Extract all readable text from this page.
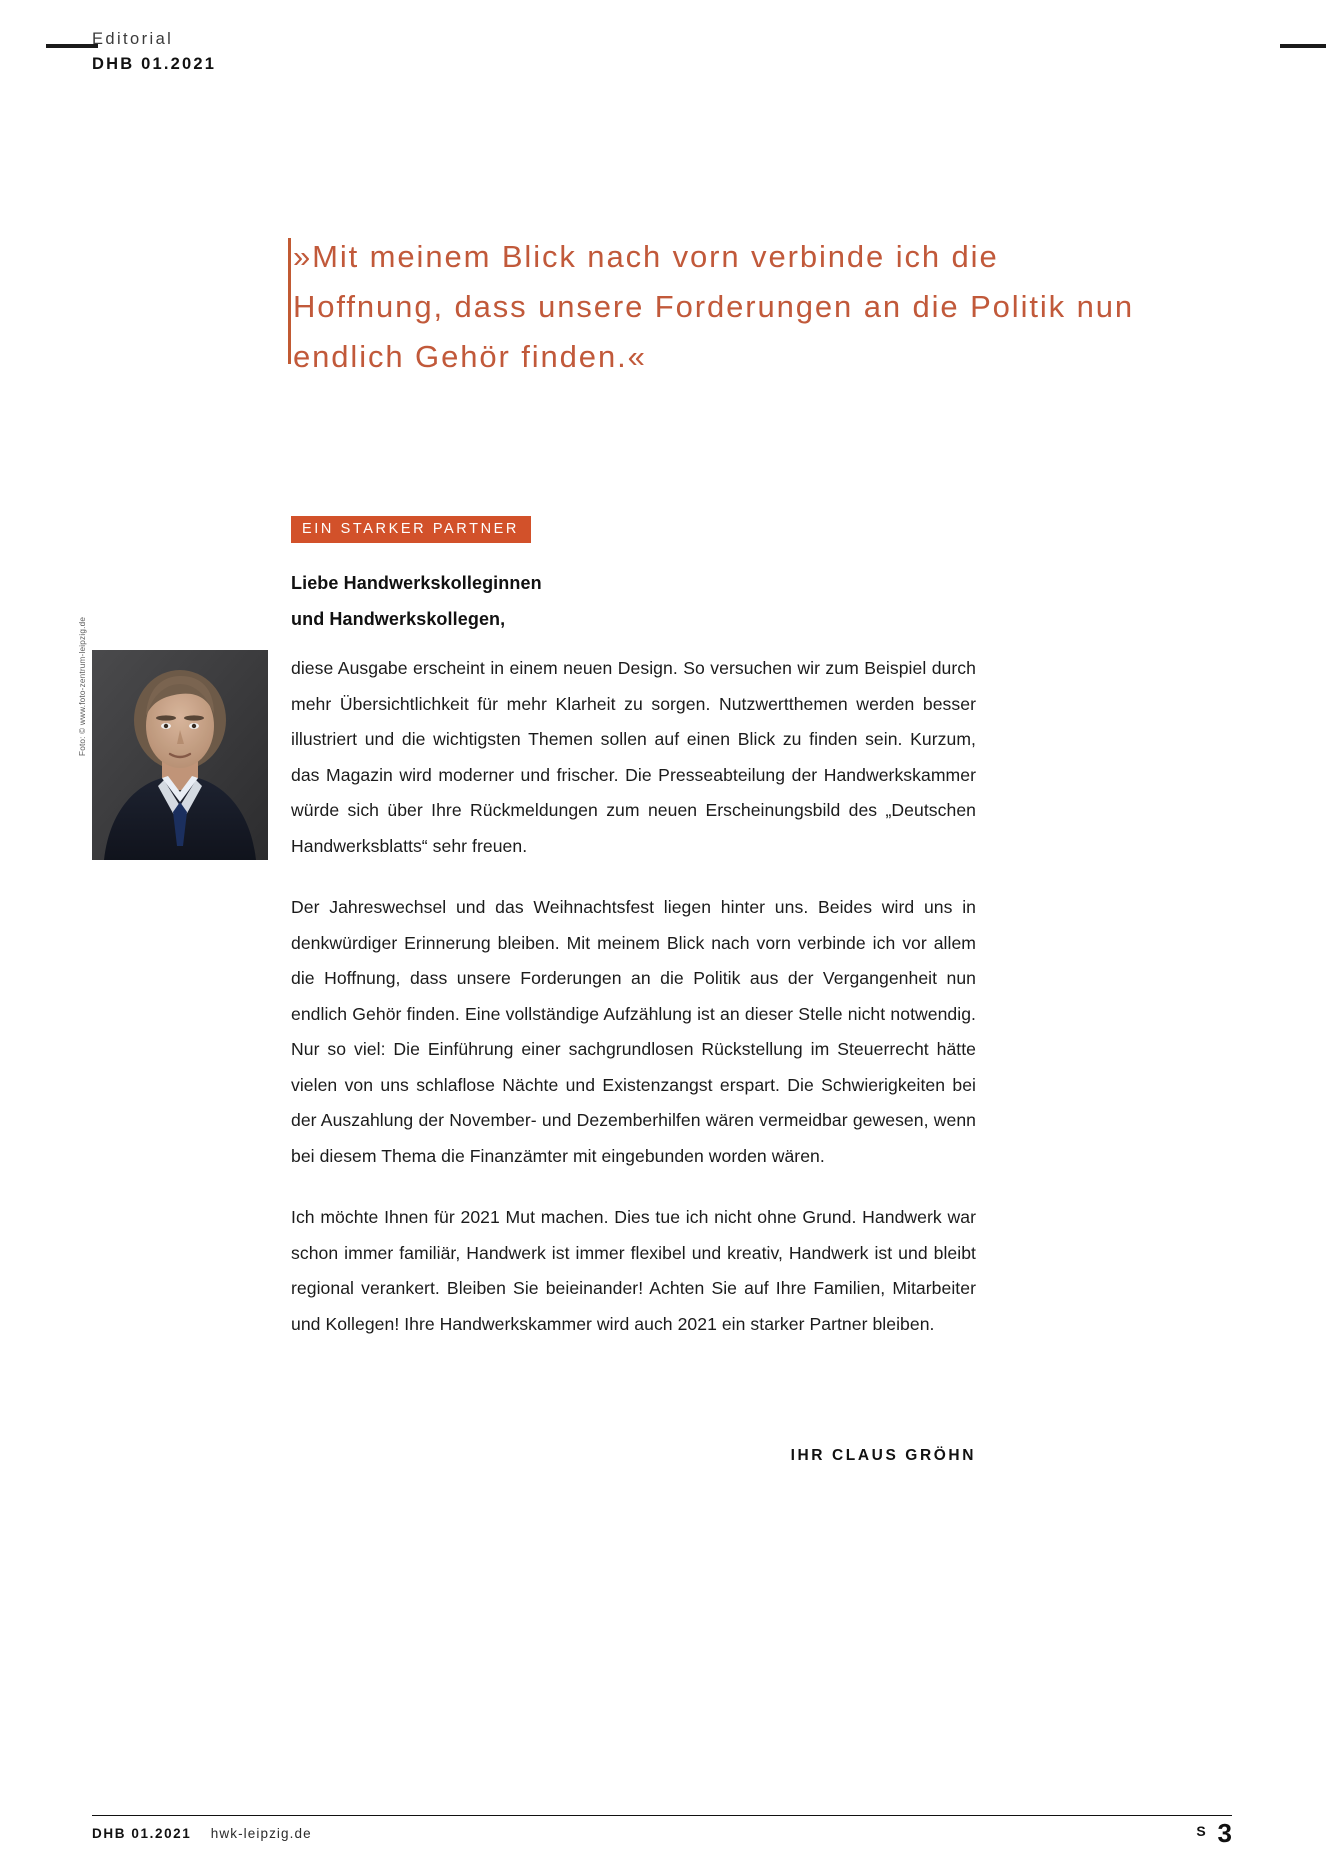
Editorial
DHB 01.2021

»Mit meinem Blick nach vorn verbinde ich die Hoffnung, dass unsere Forderungen an die Politik nun endlich Gehör finden.«

EIN STARKER PARTNER
Liebe Handwerkskolleginnen
und Handwerkskollegen,
Foto: © www.foto-zentrum-leipzig.de	diese Ausgabe erscheint in einem neuen Design. So versuchen wir zum Beispiel durch mehr Übersichtlichkeit für mehr Klarheit zu sorgen. Nutzwertthemen werden besser illustriert und die wichtigsten Themen sollen auf einen Blick zu finden sein. Kurzum, das Magazin wird moderner und frischer. Die Presseabteilung der Handwerkskammer würde sich über Ihre Rückmeldungen zum neuen Erscheinungsbild des „Deutschen Handwerksblatts“ sehr freuen.

Der Jahreswechsel und das Weihnachtsfest liegen hinter uns. Beides wird uns in denkwürdiger Erinnerung bleiben. Mit meinem Blick nach vorn verbinde ich vor allem die Hoffnung, dass unsere Forderungen an die Politik aus der Vergangenheit nun endlich Gehör finden. Eine vollständige Aufzählung ist an dieser Stelle nicht notwendig. Nur so viel: Die Einführung einer sachgrundlosen Rückstellung im Steuerrecht hätte vielen von uns schlaflose Nächte und Existenzangst erspart. Die Schwierigkeiten bei der Auszahlung der November- und Dezemberhilfen wären vermeidbar gewesen, wenn bei diesem Thema die Finanzämter mit eingebunden worden wären.

Ich möchte Ihnen für 2021 Mut machen. Dies tue ich nicht ohne Grund. Handwerk war schon immer familiär, Handwerk ist immer flexibel und kreativ, Handwerk ist und bleibt regional verankert. Bleiben Sie beieinander! Achten Sie auf Ihre Familien, Mitarbeiter und Kollegen! Ihre Handwerkskammer wird auch 2021 ein starker Partner bleiben.

IHR CLAUS GRÖHN
DHB 01.2021 hwk-leipzig.de	S 3
